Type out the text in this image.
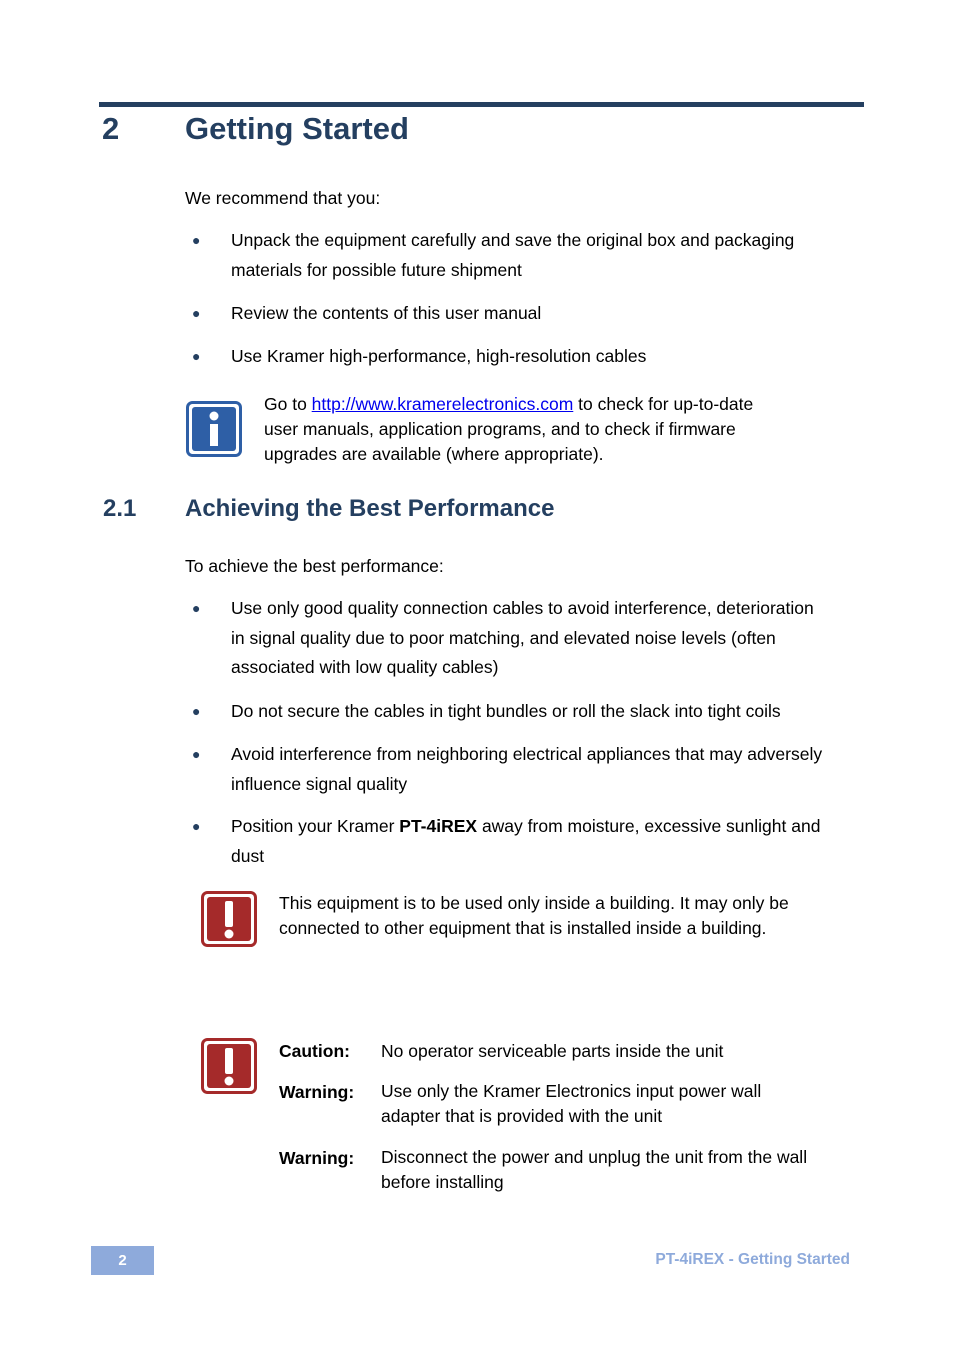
2 Getting Started
We recommend that you:
● Unpack the equipment carefully and save the original box and packaging
materials for possible future shipment
● Review the contents of this user manual
● Use Kramer high-performance, high-resolution cables
Go to http://www.kramerelectronics.com to check for up-to-date
user manuals, application programs, and to check if firmware
upgrades are available (where appropriate).
2.1 Achieving the Best Performance
To achieve the best performance:
● Use only good quality connection cables to avoid interference, deterioration
in signal quality due to poor matching, and elevated noise levels (often
associated with low quality cables)
● Do not secure the cables in tight bundles or roll the slack into tight coils
● Avoid interference from neighboring electrical appliances that may adversely
influence signal quality
● Position your Kramer PT-4iREX away from moisture, excessive sunlight and
dust
This equipment is to be used only inside a building. It may only be
connected to other equipment that is installed inside a building.
Caution: No operator serviceable parts inside the unit
Warning: Use only the Kramer Electronics input power wall
adapter that is provided with the unit
Warning: Disconnect the power and unplug the unit from the wall
before installing
2	PT-4iREX - Getting Started
